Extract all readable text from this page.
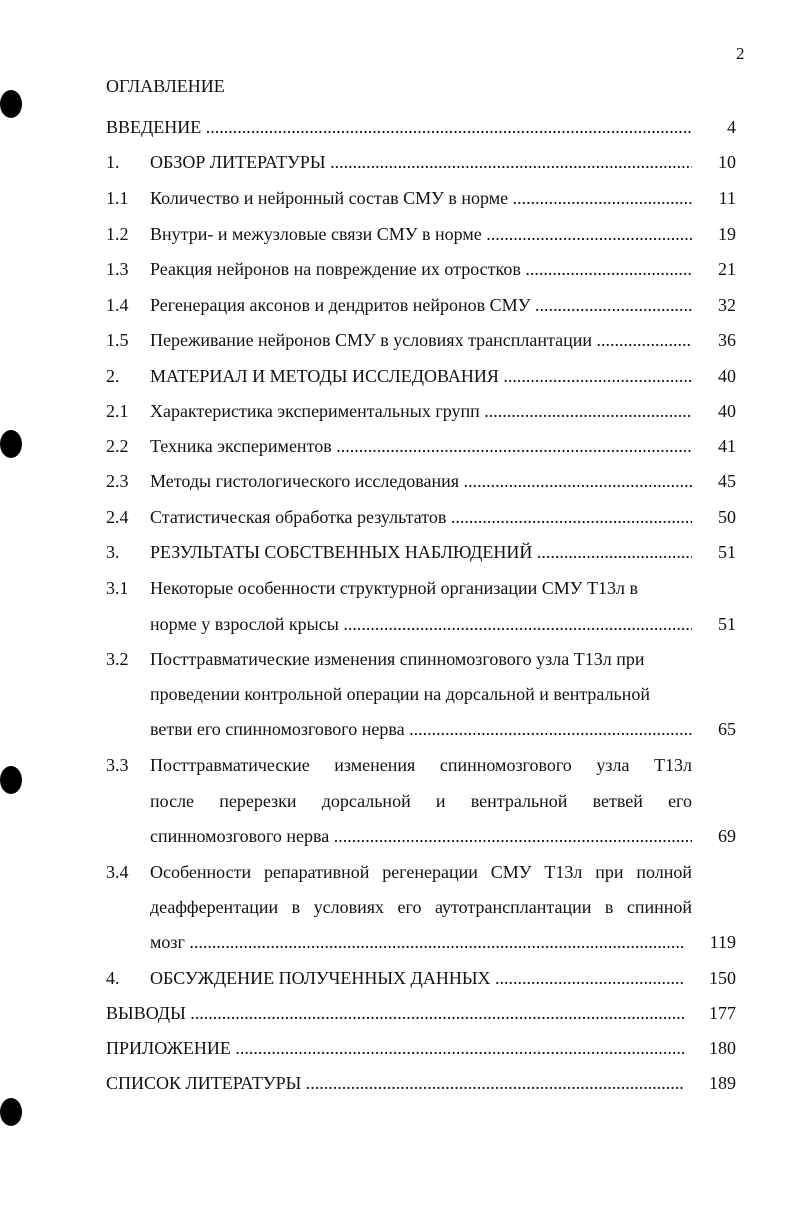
2
ОГЛАВЛЕНИЕ
ВВЕДЕНИЕ .....	4
1. ОБЗОР ЛИТЕРАТУРЫ .....	10
1.1 Количество и нейронный состав СМУ в норме .....	11
1.2 Внутри- и межузловые связи СМУ в норме .....	19
1.3 Реакция нейронов на повреждение их отростков .....	21
1.4 Регенерация аксонов и дендритов нейронов СМУ .....	32
1.5 Переживание нейронов СМУ в условиях трансплантации .....	36
2. МАТЕРИАЛ И МЕТОДЫ ИССЛЕДОВАНИЯ .....	40
2.1 Характеристика экспериментальных групп .....	40
2.2 Техника экспериментов .....	41
2.3 Методы гистологического исследования .....	45
2.4 Статистическая обработка результатов .....	50
3. РЕЗУЛЬТАТЫ СОБСТВЕННЫХ НАБЛЮДЕНИЙ .....	51
3.1 Некоторые особенности структурной организации СМУ Т13л в
норме у взрослой крысы .....	51
3.2 Посттравматические изменения спинномозгового узла Т13л при
проведении контрольной операции на дорсальной и вентральной
ветви его спинномозгового нерва .....	65
3.3 Посттравматические изменения спинномозгового узла Т13л
после перерезки дорсальной и вентральной ветвей его
спинномозгового нерва .....	69
3.4 Особенности репаративной регенерации СМУ Т13л при полной
деафферентации в условиях его аутотрансплантации в спинной
мозг .....	119
4. ОБСУЖДЕНИЕ ПОЛУЧЕННЫХ ДАННЫХ .....	150
ВЫВОДЫ .....	177
ПРИЛОЖЕНИЕ .....	180
СПИСОК ЛИТЕРАТУРЫ .....	189
